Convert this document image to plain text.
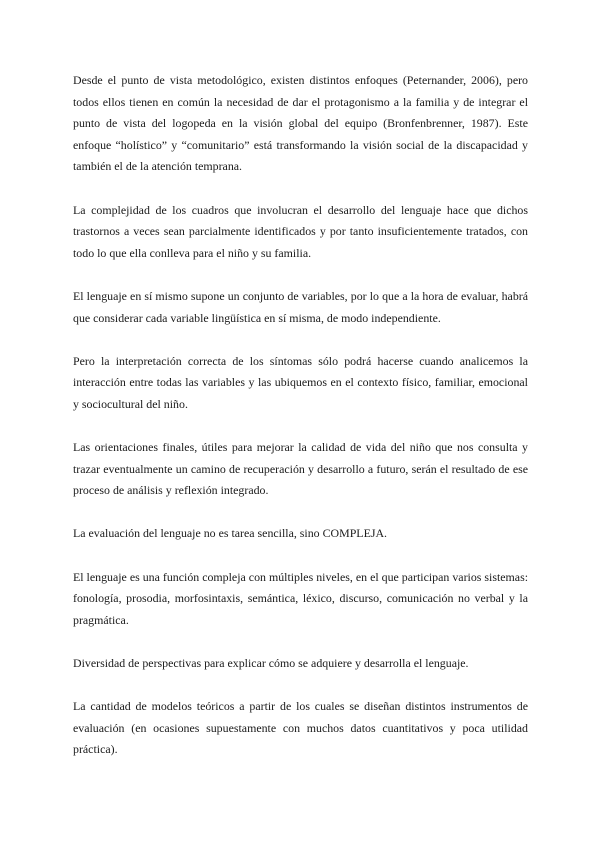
Desde el punto de vista metodológico, existen distintos enfoques (Peternander, 2006), pero todos ellos tienen en común la necesidad de dar el protagonismo a la familia y de integrar el punto de vista del logopeda en la visión global del equipo (Bronfenbrenner, 1987). Este enfoque “holístico” y “comunitario” está transformando la visión social de la discapacidad y también el de la atención temprana.

La complejidad de los cuadros que involucran el desarrollo del lenguaje hace que dichos trastornos a veces sean parcialmente identificados y por tanto insuficientemente tratados, con todo lo que ella conlleva para el niño y su familia.

El lenguaje en sí mismo supone un conjunto de variables, por lo que a la hora de evaluar, habrá que considerar cada variable lingüística en sí misma, de modo independiente.

Pero la interpretación correcta de los síntomas sólo podrá hacerse cuando analicemos la interacción entre todas las variables y las ubiquemos en el contexto físico, familiar, emocional y sociocultural del niño.

Las orientaciones finales, útiles para mejorar la calidad de vida del niño que nos consulta y trazar eventualmente un camino de recuperación y desarrollo a futuro, serán el resultado de ese proceso de análisis y reflexión integrado.

La evaluación del lenguaje no es tarea sencilla, sino COMPLEJA.

El lenguaje es una función compleja con múltiples niveles, en el que participan varios sistemas: fonología, prosodia, morfosintaxis, semántica, léxico, discurso, comunicación no verbal y la pragmática.

Diversidad de perspectivas para explicar cómo se adquiere y desarrolla el lenguaje.

La cantidad de modelos teóricos a partir de los cuales se diseñan distintos instrumentos de evaluación (en ocasiones supuestamente con muchos datos cuantitativos y poca utilidad práctica).
